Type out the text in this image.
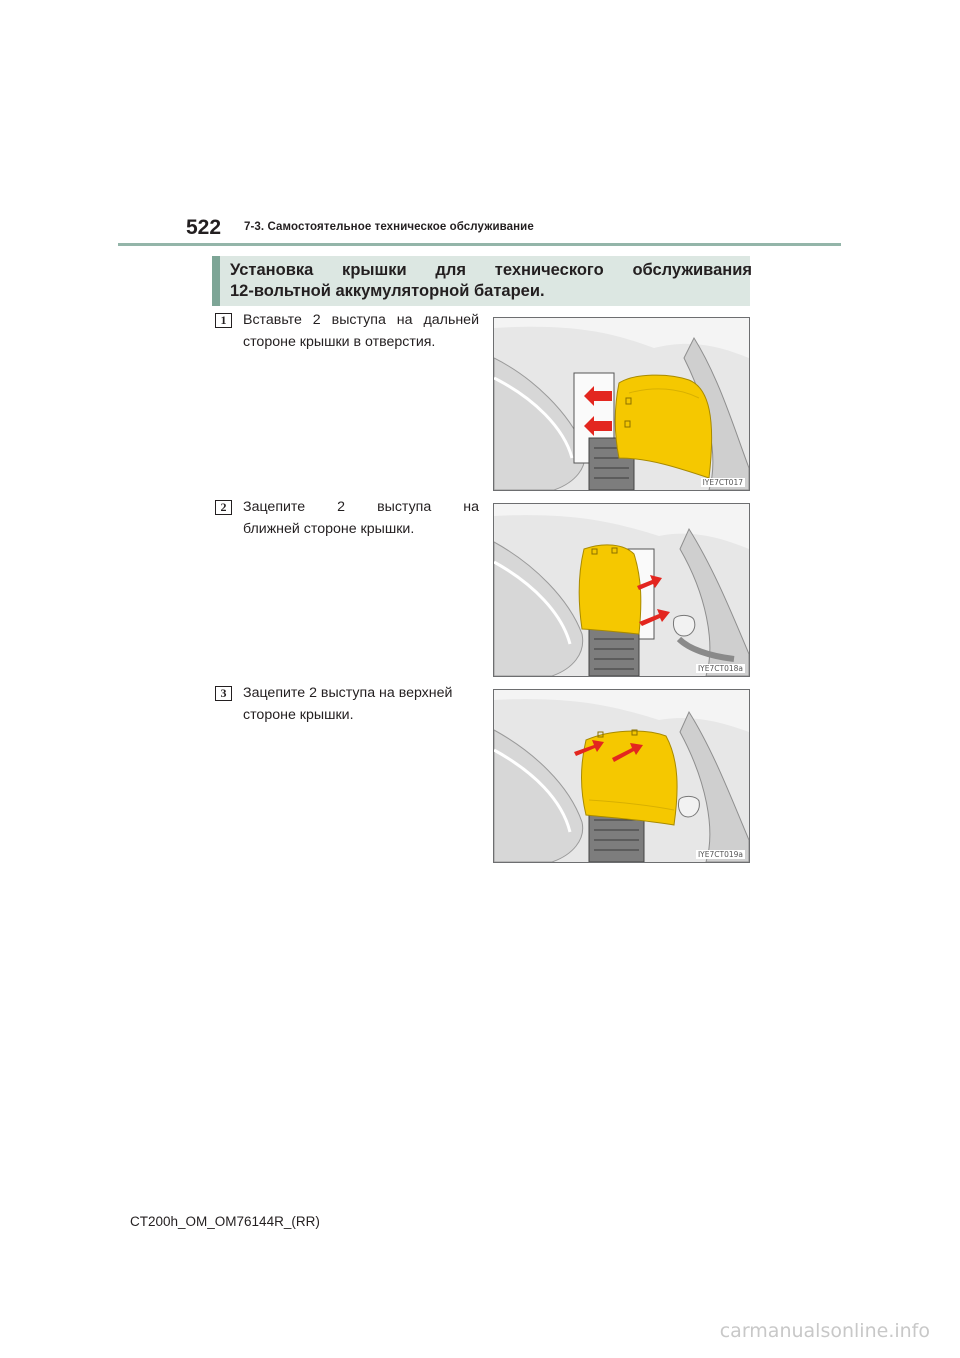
522 7-3. Самостоятельное техническое обслуживание
Установка крышки для технического обслуживания
12-вольтной аккумуляторной батареи.
1	Вставьте 2 выступа на дальней
стороне крышки в отверстия.
IYE7CT017
2	Зацепите 2 выступа на
ближней стороне крышки.
IYE7CT018a
3	Зацепите 2 выступа на верхней
стороне крышки.
IYE7CT019a
CT200h_OM_OM76144R_(RR)
carmanualsonline.info
